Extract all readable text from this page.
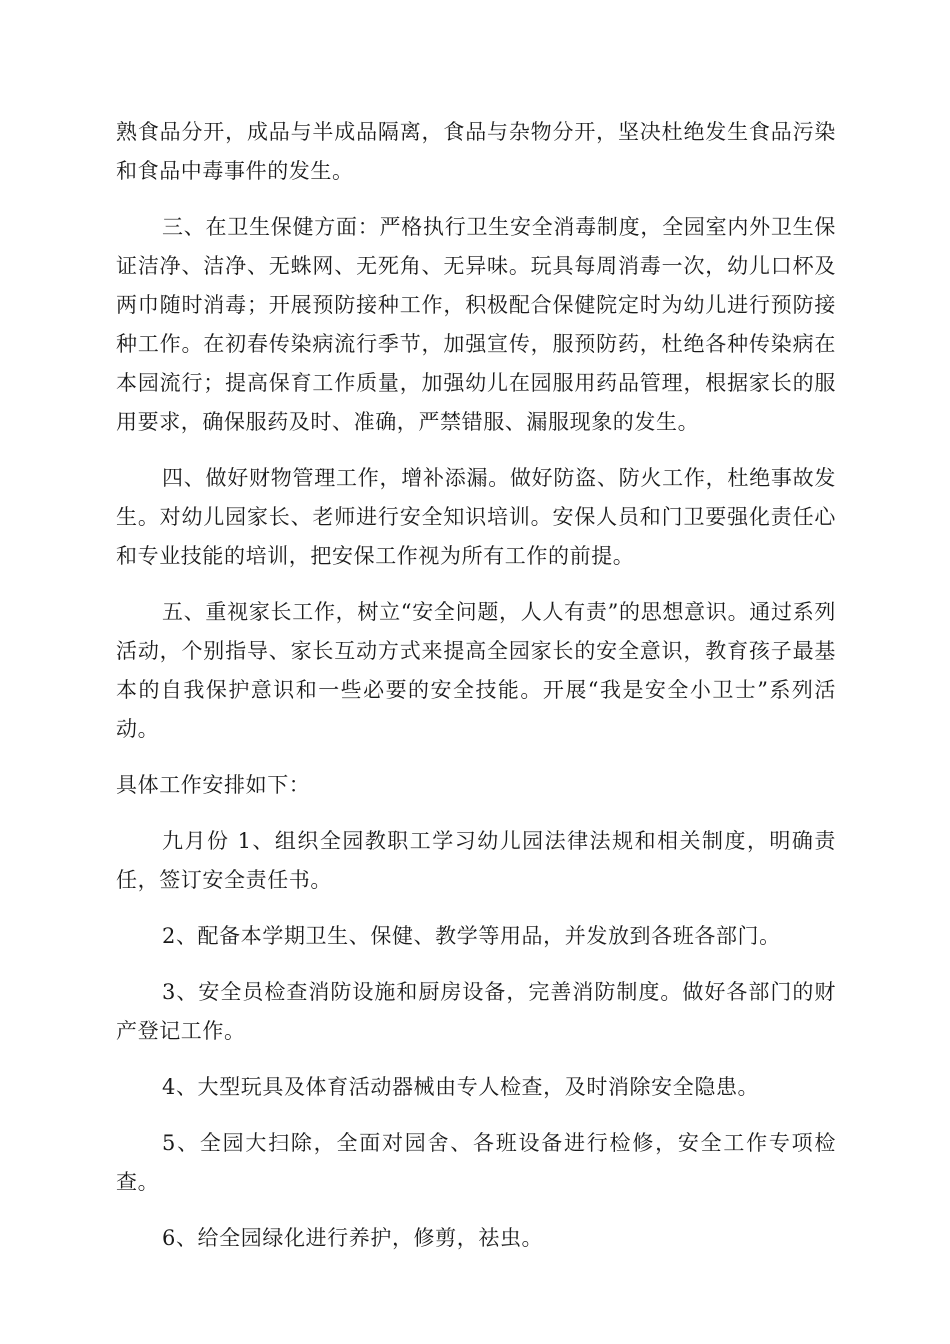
熟食品分开，成品与半成品隔离，食品与杂物分开，坚决杜绝发生食品污染和食品中毒事件的发生。

三、在卫生保健方面：严格执行卫生安全消毒制度，全园室内外卫生保证洁净、洁净、无蛛网、无死角、无异味。玩具每周消毒一次，幼儿口杯及两巾随时消毒；开展预防接种工作，积极配合保健院定时为幼儿进行预防接种工作。在初春传染病流行季节，加强宣传，服预防药，杜绝各种传染病在本园流行；提高保育工作质量，加强幼儿在园服用药品管理，根据家长的服用要求，确保服药及时、准确，严禁错服、漏服现象的发生。

四、做好财物管理工作，增补添漏。做好防盗、防火工作，杜绝事故发生。对幼儿园家长、老师进行安全知识培训。安保人员和门卫要强化责任心和专业技能的培训，把安保工作视为所有工作的前提。

五、重视家长工作，树立“安全问题，人人有责”的思想意识。通过系列活动，个别指导、家长互动方式来提高全园家长的安全意识，教育孩子最基本的自我保护意识和一些必要的安全技能。开展“我是安全小卫士”系列活动。

具体工作安排如下：

九月份 1、组织全园教职工学习幼儿园法律法规和相关制度，明确责任，签订安全责任书。

2、配备本学期卫生、保健、教学等用品，并发放到各班各部门。

3、安全员检查消防设施和厨房设备，完善消防制度。做好各部门的财产登记工作。

4、大型玩具及体育活动器械由专人检查，及时消除安全隐患。

5、全园大扫除，全面对园舍、各班设备进行检修，安全工作专项检查。

6、给全园绿化进行养护，修剪，祛虫。
